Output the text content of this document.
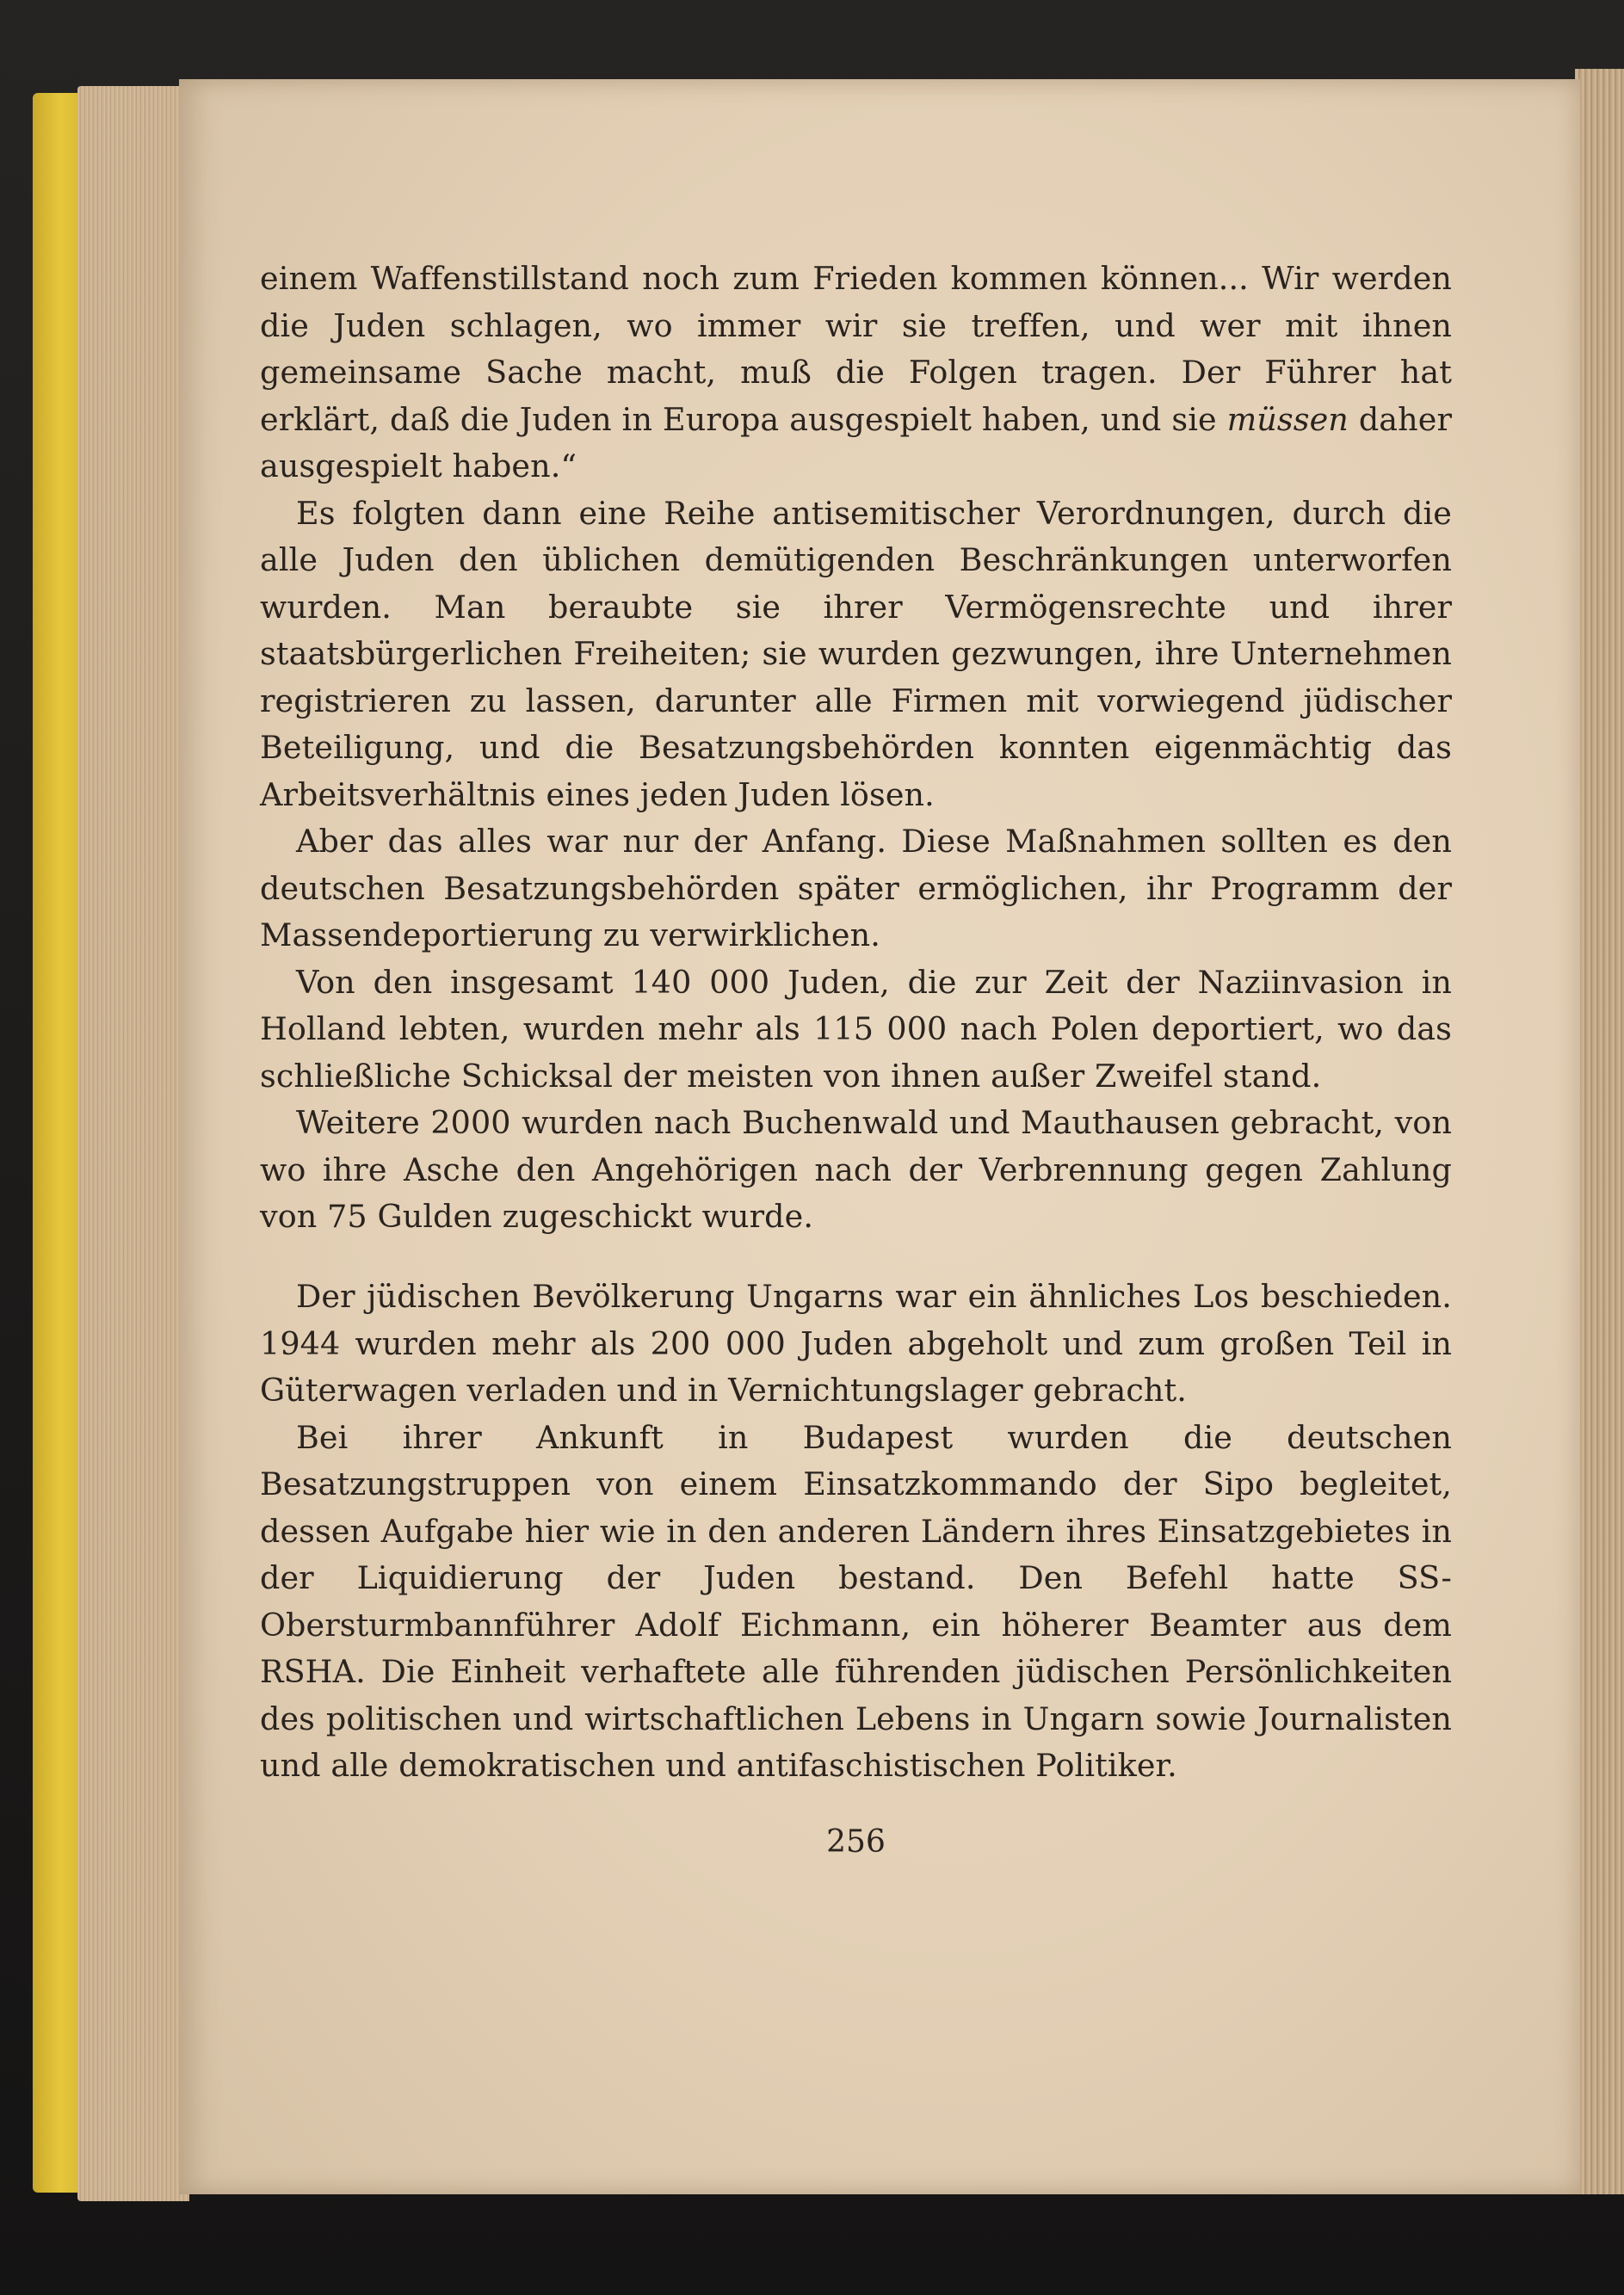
einem Waffenstillstand noch zum Frieden kommen können... Wir werden die Juden schlagen, wo immer wir sie treffen, und wer mit ihnen gemeinsame Sache macht, muß die Folgen tragen. Der Führer hat erklärt, daß die Juden in Europa ausgespielt haben, und sie müssen daher ausgespielt haben.“

Es folgten dann eine Reihe antisemitischer Verordnungen, durch die alle Juden den üblichen demütigenden Beschränkungen unterworfen wurden. Man beraubte sie ihrer Vermögensrechte und ihrer staatsbürgerlichen Freiheiten; sie wurden gezwungen, ihre Unternehmen registrieren zu lassen, darunter alle Firmen mit vorwiegend jüdischer Beteiligung, und die Besatzungsbehörden konnten eigenmächtig das Arbeitsverhältnis eines jeden Juden lösen.

Aber das alles war nur der Anfang. Diese Maßnahmen sollten es den deutschen Besatzungsbehörden später ermöglichen, ihr Programm der Massendeportierung zu verwirklichen.

Von den insgesamt 140 000 Juden, die zur Zeit der Naziinvasion in Holland lebten, wurden mehr als 115 000 nach Polen deportiert, wo das schließliche Schicksal der meisten von ihnen außer Zweifel stand.

Weitere 2000 wurden nach Buchenwald und Mauthausen gebracht, von wo ihre Asche den Angehörigen nach der Verbrennung gegen Zahlung von 75 Gulden zugeschickt wurde.

Der jüdischen Bevölkerung Ungarns war ein ähnliches Los beschieden. 1944 wurden mehr als 200 000 Juden abgeholt und zum großen Teil in Güterwagen verladen und in Vernichtungslager gebracht.

Bei ihrer Ankunft in Budapest wurden die deutschen Besatzungstruppen von einem Einsatzkommando der Sipo begleitet, dessen Aufgabe hier wie in den anderen Ländern ihres Einsatzgebietes in der Liquidierung der Juden bestand. Den Befehl hatte SS-Obersturmbannführer Adolf Eichmann, ein höherer Beamter aus dem RSHA. Die Einheit verhaftete alle führenden jüdischen Persönlichkeiten des politischen und wirtschaftlichen Lebens in Ungarn sowie Journalisten und alle demokratischen und antifaschistischen Politiker.

256
